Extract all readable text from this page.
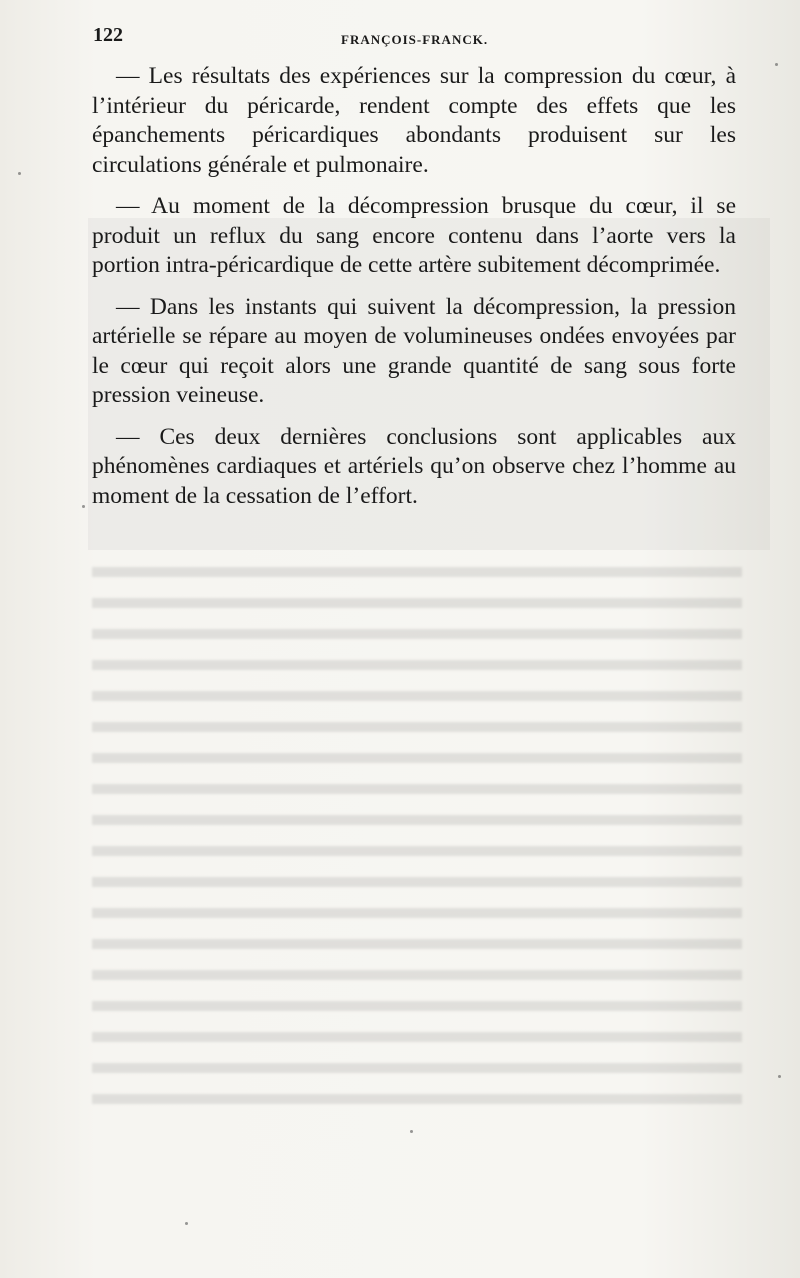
122	FRANÇOIS-FRANCK.

— Les résultats des expériences sur la compression du cœur, à l’intérieur du péricarde, rendent compte des effets que les épanchements péricardiques abondants produisent sur les circulations générale et pulmonaire.

— Au moment de la décompression brusque du cœur, il se produit un reflux du sang encore contenu dans l’aorte vers la portion intra-péricardique de cette artère subitement décomprimée.

— Dans les instants qui suivent la décompression, la pression artérielle se répare au moyen de volumineuses ondées envoyées par le cœur qui reçoit alors une grande quantité de sang sous forte pression veineuse.

— Ces deux dernières conclusions sont applicables aux phénomènes cardiaques et artériels qu’on observe chez l’homme au moment de la cessation de l’effort.
